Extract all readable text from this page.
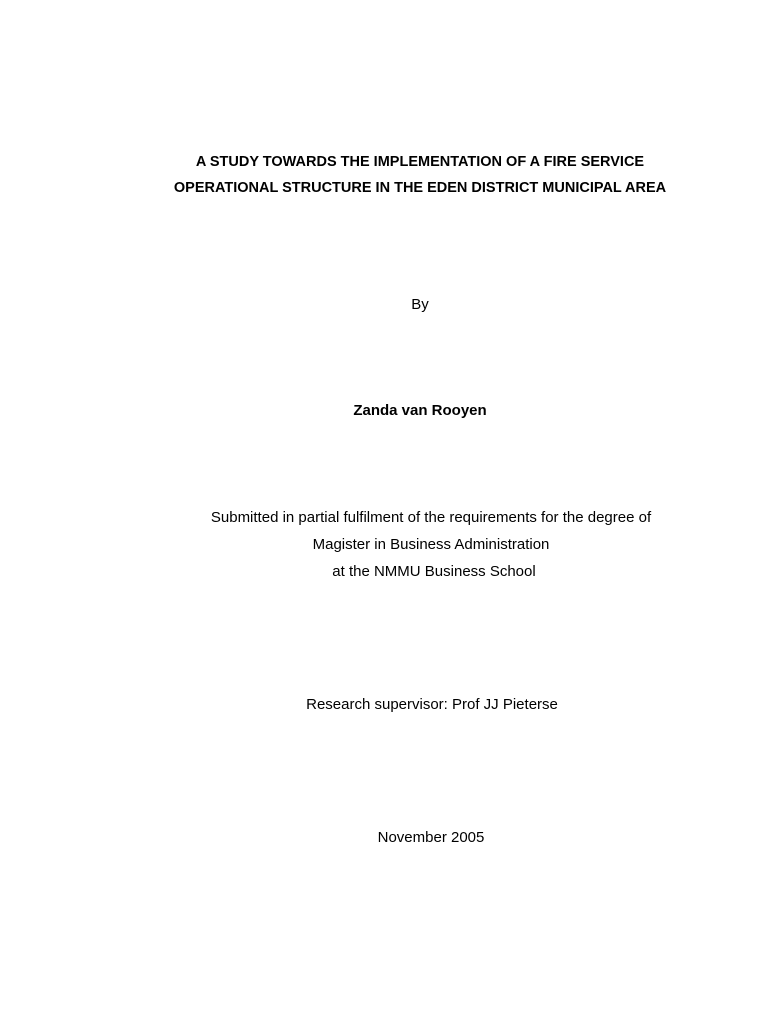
A STUDY TOWARDS THE IMPLEMENTATION OF A FIRE SERVICE
OPERATIONAL STRUCTURE IN THE EDEN DISTRICT MUNICIPAL AREA
By
Zanda van Rooyen
Submitted in partial fulfilment of the requirements for the degree of
Magister in Business Administration
at the NMMU Business School
Research supervisor: Prof JJ Pieterse
November 2005
